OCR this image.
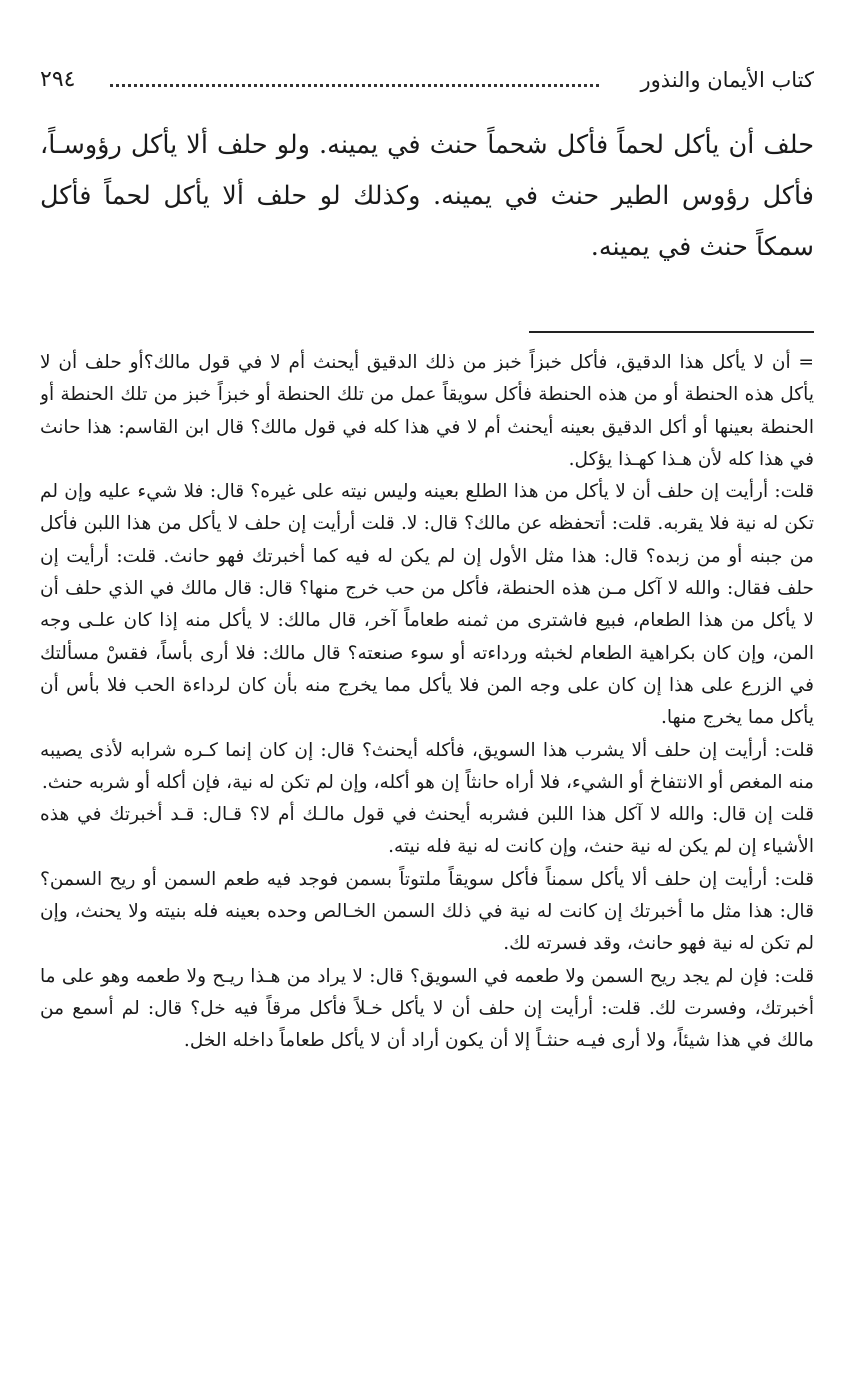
كتاب الأيمان والنذور
٢٩٤
حلف أن يأكل لحماً فأكل شحماً حنث في يمينه. ولو حلف ألا يأكل رؤوسـاً، فأكل رؤوس الطير حنث في يمينه. وكذلك لو حلف ألا يأكل لحماً فأكل سمكاً حنث في يمينه.

= أن لا يأكل هذا الدقيق، فأكل خبزاً خبز من ذلك الدقيق أيحنث أم لا في قول مالك؟أو حلف أن لا يأكل هذه الحنطة أو من هذه الحنطة فأكل سويقاً عمل من تلك الحنطة أو خبزاً خبز من تلك الحنطة أو الحنطة بعينها أو أكل الدقيق بعينه أيحنث أم لا في هذا كله في قول مالك؟ قال ابن القاسم: هذا حانث في هذا كله لأن هـذا كهـذا يؤكل.

قلت: أرأيت إن حلف أن لا يأكل من هذا الطلع بعينه وليس نيته على غيره؟ قال: فلا شيء عليه وإن لم تكن له نية فلا يقربه. قلت: أتحفظه عن مالك؟ قال: لا. قلت أرأيت إن حلف لا يأكل من هذا اللبن فأكل من جبنه أو من زبده؟ قال: هذا مثل الأول إن لم يكن له فيه كما أخبرتك فهو حانث. قلت: أرأيت إن حلف فقال: والله لا آكل مـن هذه الحنطة، فأكل من حب خرج منها؟ قال: قال مالك في الذي حلف أن لا يأكل من هذا الطعام، فبيع فاشترى من ثمنه طعاماً آخر، قال مالك: لا يأكل منه إذا كان علـى وجه المن، وإن كان بكراهية الطعام لخبثه ورداءته أو سوء صنعته؟ قال مالك: فلا أرى بأساً، فقسْ مسألتك في الزرع على هذا إن كان على وجه المن فلا يأكل مما يخرج منه بأن كان لرداءة الحب فلا بأس أن يأكل مما يخرج منها.

قلت: أرأيت إن حلف ألا يشرب هذا السويق، فأكله أيحنث؟ قال: إن كان إنما كـره شرابه لأذى يصيبه منه المغص أو الانتفاخ أو الشيء، فلا أراه حانثاً إن هو أكله، وإن لم تكن له نية، فإن أكله أو شربه حنث.

قلت إن قال: والله لا آكل هذا اللبن فشربه أيحنث في قول مالـك أم لا؟ قـال: قـد أخبرتك في هذه الأشياء إن لم يكن له نية حنث، وإن كانت له نية فله نيته.

قلت: أرأيت إن حلف ألا يأكل سمناً فأكل سويقاً ملتوتاً بسمن فوجد فيه طعم السمن أو ريح السمن؟ قال: هذا مثل ما أخبرتك إن كانت له نية في ذلك السمن الخـالص وحده بعينه فله بنيته ولا يحنث، وإن لم تكن له نية فهو حانث، وقد فسرته لك.

قلت: فإن لم يجد ريح السمن ولا طعمه في السويق؟ قال: لا يراد من هـذا ريـح ولا طعمه وهو على ما أخبرتك، وفسرت لك. قلت: أرأيت إن حلف أن لا يأكل خـلاً فأكل مرقاً فيه خل؟ قال: لم أسمع من مالك في هذا شيئاً، ولا أرى فيـه حنثـاً إلا أن يكون أراد أن لا يأكل طعاماً داخله الخل.
